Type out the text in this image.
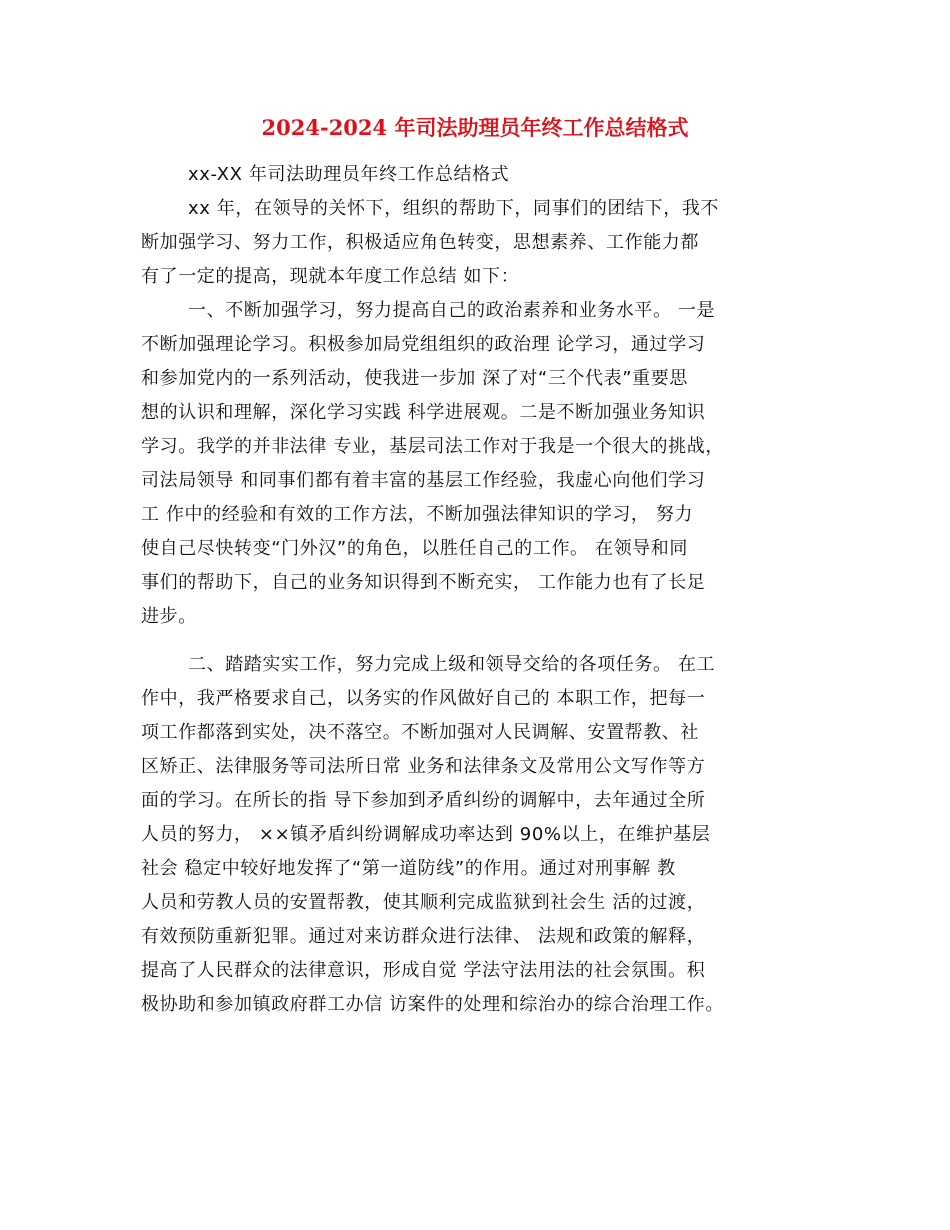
2024-2024 年司法助理员年终工作总结格式
xx-XX 年司法助理员年终工作总结格式
xx 年，在领导的关怀下，组织的帮助下，同事们的团结下，我不
断加强学习、努力工作，积极适应角色转变，思想素养、工作能力都
有了一定的提高，现就本年度工作总结 如下：
一、不断加强学习，努力提高自己的政治素养和业务水平。 一是
不断加强理论学习。积极参加局党组组织的政治理 论学习，通过学习
和参加党内的一系列活动，使我进一步加 深了对“三个代表”重要思
想的认识和理解，深化学习实践 科学进展观。二是不断加强业务知识
学习。我学的并非法律 专业，基层司法工作对于我是一个很大的挑战，
司法局领导 和同事们都有着丰富的基层工作经验，我虚心向他们学习
工 作中的经验和有效的工作方法，不断加强法律知识的学习， 努力
使自己尽快转变“门外汉”的角色，以胜任自己的工作。 在领导和同
事们的帮助下，自己的业务知识得到不断充实， 工作能力也有了长足
进步。
二、踏踏实实工作，努力完成上级和领导交给的各项任务。 在工
作中，我严格要求自己，以务实的作风做好自己的 本职工作，把每一
项工作都落到实处，决不落空。不断加强对人民调解、安置帮教、社
区矫正、法律服务等司法所日常 业务和法律条文及常用公文写作等方
面的学习。在所长的指 导下参加到矛盾纠纷的调解中，去年通过全所
人员的努力， ××镇矛盾纠纷调解成功率达到 90%以上，在维护基层
社会 稳定中较好地发挥了“第一道防线”的作用。通过对刑事解 教
人员和劳教人员的安置帮教，使其顺利完成监狱到社会生 活的过渡，
有效预防重新犯罪。通过对来访群众进行法律、 法规和政策的解释，
提高了人民群众的法律意识，形成自觉 学法守法用法的社会氛围。积
极协助和参加镇政府群工办信 访案件的处理和综治办的综合治理工作。
